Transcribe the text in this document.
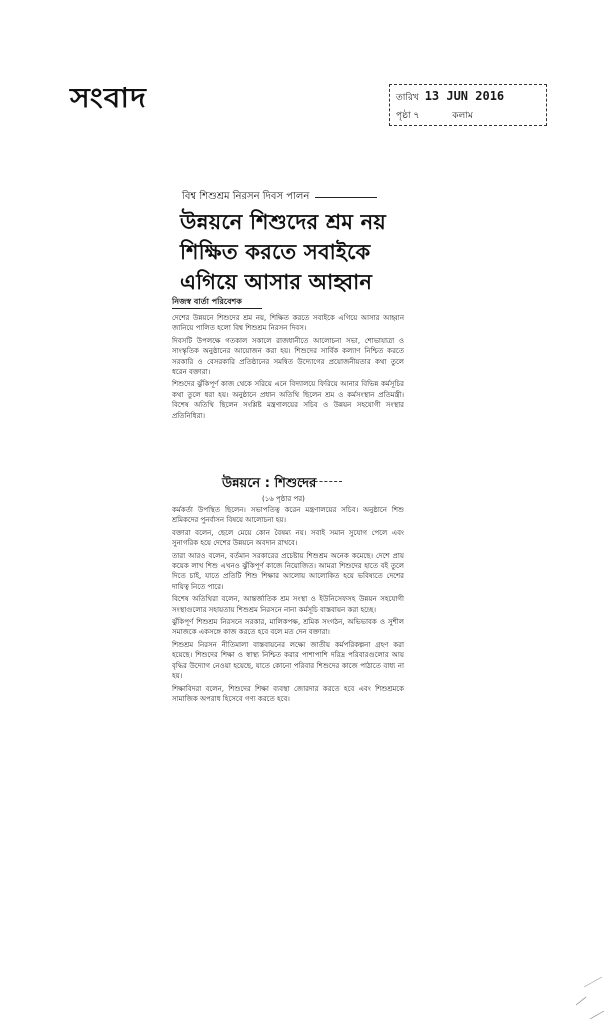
সংবাদ	তারিখ 13 JUN 2016
পৃষ্ঠা ৭	কলাম
বিশ্ব শিশুশ্রম নিরসন দিবস পালন
উন্নয়নে শিশুদের শ্রম নয়
শিক্ষিত করতে সবাইকে
এগিয়ে আসার আহ্বান
নিজস্ব বার্তা পরিবেশক

দেশের উন্নয়নে শিশুদের শ্রম নয়, শিক্ষিত করতে সবাইকে এগিয়ে আসার আহ্বান জানিয়ে পালিত হলো বিশ্ব শিশুশ্রম নিরসন দিবস।

দিবসটি উপলক্ষে গতকাল সকালে রাজধানীতে আলোচনা সভা, শোভাযাত্রা ও সাংস্কৃতিক অনুষ্ঠানের আয়োজন করা হয়। শিশুদের সার্বিক কল্যাণ নিশ্চিত করতে সরকারি ও বেসরকারি প্রতিষ্ঠানের সমন্বিত উদ্যোগের প্রয়োজনীয়তার কথা তুলে ধরেন বক্তারা।

শিশুদের ঝুঁকিপূর্ণ কাজ থেকে সরিয়ে এনে বিদ্যালয়ে ফিরিয়ে আনার বিভিন্ন কর্মসূচির কথা তুলে ধরা হয়। অনুষ্ঠানে প্রধান অতিথি ছিলেন শ্রম ও কর্মসংস্থান প্রতিমন্ত্রী। বিশেষ অতিথি ছিলেন সংশ্লিষ্ট মন্ত্রণালয়ের সচিব ও উন্নয়ন সহযোগী সংস্থার প্রতিনিধিরা।

উন্নয়নে : শিশুদের
(১৬ পৃষ্ঠার পর)

কর্মকর্তা উপস্থিত ছিলেন। সভাপতিত্ব করেন মন্ত্রণালয়ের সচিব। অনুষ্ঠানে শিশু শ্রমিকদের পুনর্বাসন বিষয়ে আলোচনা হয়।

বক্তারা বলেন, ছেলে মেয়ে কোন বৈষম্য নয়। সবাই সমান সুযোগ পেলে এবং সুনাগরিক হয়ে দেশের উন্নয়নে অবদান রাখবে।

তারা আরও বলেন, বর্তমান সরকারের প্রচেষ্টায় শিশুশ্রম অনেক কমেছে। দেশে প্রায় কয়েক লাখ শিশু এখনও ঝুঁকিপূর্ণ কাজে নিয়োজিত। আমরা শিশুদের হাতে বই তুলে দিতে চাই, যাতে প্রতিটি শিশু শিক্ষার আলোয় আলোকিত হয়ে ভবিষ্যতে দেশের দায়িত্ব নিতে পারে।

বিশেষ অতিথিরা বলেন, আন্তর্জাতিক শ্রম সংস্থা ও ইউনিসেফসহ উন্নয়ন সহযোগী সংস্থাগুলোর সহায়তায় শিশুশ্রম নিরসনে নানা কর্মসূচি বাস্তবায়ন করা হচ্ছে।

ঝুঁকিপূর্ণ শিশুশ্রম নিরসনে সরকার, মালিকপক্ষ, শ্রমিক সংগঠন, অভিভাবক ও সুশীল সমাজকে একসঙ্গে কাজ করতে হবে বলে মত দেন বক্তারা।

শিশুশ্রম নিরসন নীতিমালা বাস্তবায়নের লক্ষ্যে জাতীয় কর্মপরিকল্পনা গ্রহণ করা হয়েছে। শিশুদের শিক্ষা ও স্বাস্থ্য নিশ্চিত করার পাশাপাশি দরিদ্র পরিবারগুলোর আয় বৃদ্ধির উদ্যোগ নেওয়া হয়েছে, যাতে কোনো পরিবার শিশুদের কাজে পাঠাতে বাধ্য না হয়।

শিক্ষাবিদরা বলেন, শিশুদের শিক্ষা ব্যবস্থা জোরদার করতে হবে এবং শিশুশ্রমকে সামাজিক অপরাধ হিসেবে গণ্য করতে হবে।
